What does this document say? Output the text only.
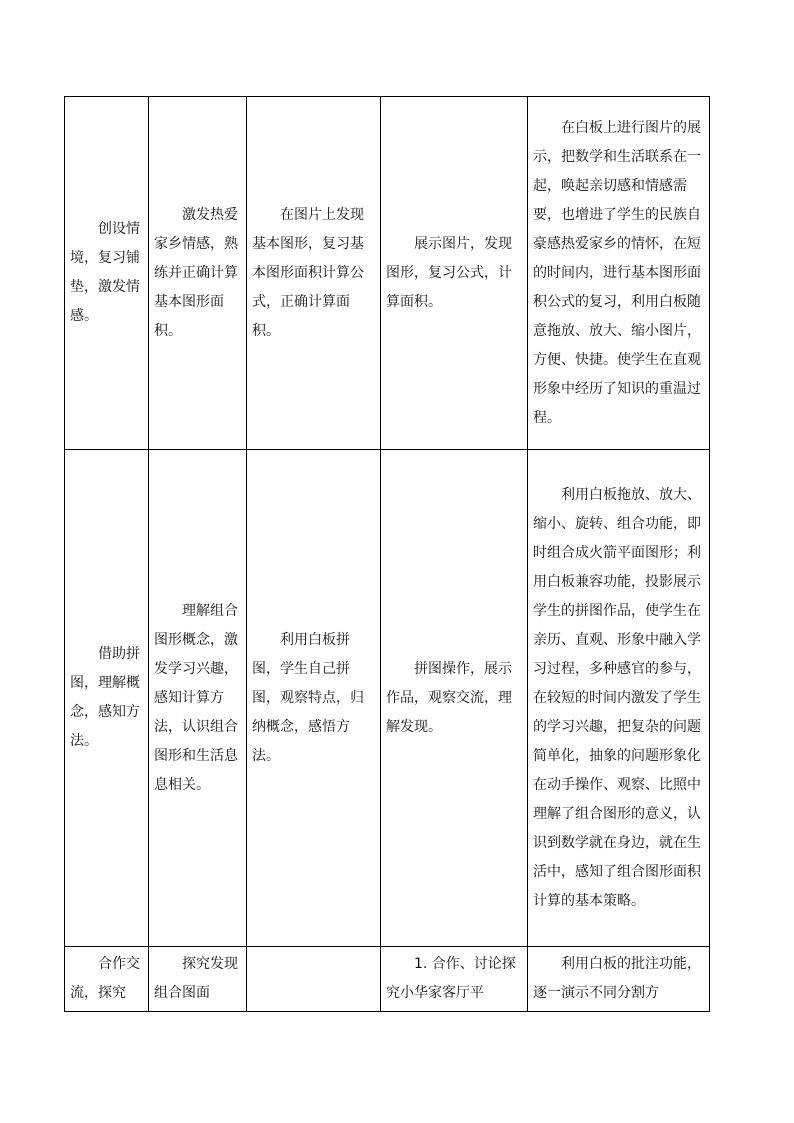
创设情境，复习铺垫，激发情感。	激发热爱家乡情感，熟练并正确计算基本图形面积。	在图片上发现基本图形，复习基本图形面积计算公式，正确计算面积。	展示图片，发现图形，复习公式，计算面积。	在白板上进行图片的展示，把数学和生活联系在一起，唤起亲切感和情感需要，也增进了学生的民族自豪感热爱家乡的情怀，在短的时间内，进行基本图形面积公式的复习，利用白板随意拖放、放大、缩小图片，方便、快捷。使学生在直观形象中经历了知识的重温过程。

借助拼图，理解概念，感知方法。	理解组合图形概念，激发学习兴趣，感知计算方法，认识组合图形和生活息息相关。	利用白板拼图，学生自己拼图，观察特点，归纳概念，感悟方法。	拼图操作，展示作品，观察交流，理解发现。	利用白板拖放、放大、缩小、旋转、组合功能，即时组合成火箭平面图形；利用白板兼容功能，投影展示学生的拼图作品，使学生在亲历、直观、形象中融入学习过程，多种感官的参与，在较短的时间内激发了学生的学习兴趣，把复杂的问题简单化，抽象的问题形象化在动手操作、观察、比照中理解了组合图形的意义，认识到数学就在身边，就在生活中，感知了组合图形面积计算的基本策略。

合作交流，探究	探究发现组合图面		1. 合作、讨论探究小华家客厅平	利用白板的批注功能，逐一演示不同分割方
